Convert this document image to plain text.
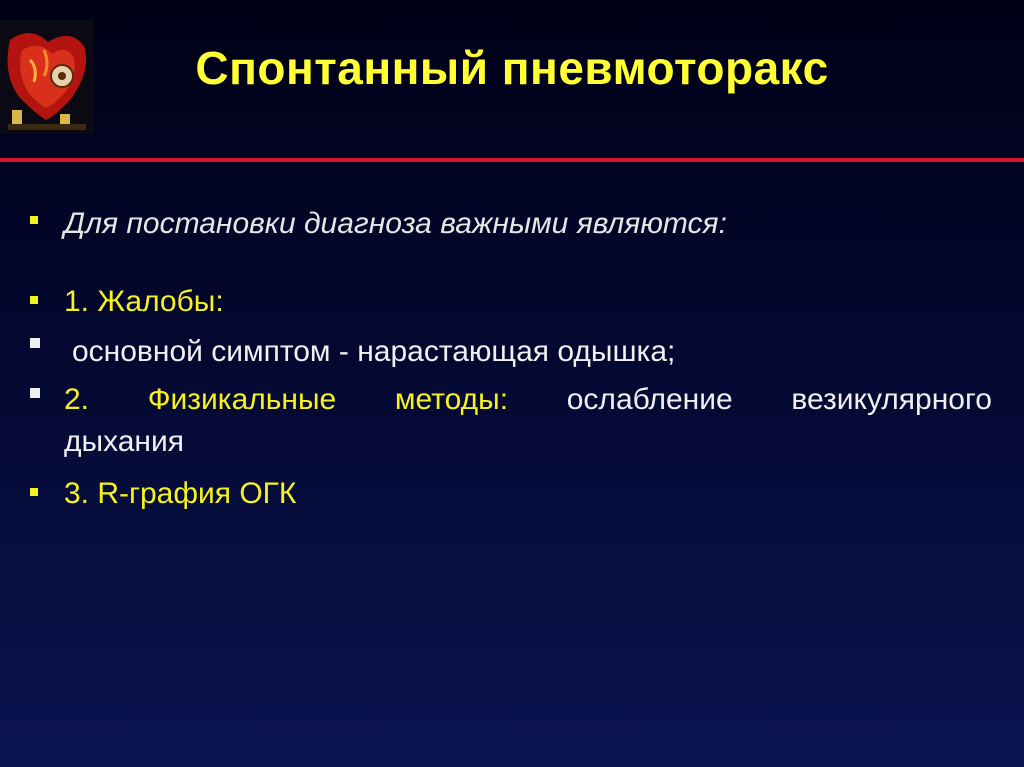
Спонтанный пневмоторакс
Для постановки диагноза важными являются:
1. Жалобы:
основной симптом - нарастающая одышка;
2. Физикальные методы: ослабление везикулярного
дыхания
3. R-графия ОГК
